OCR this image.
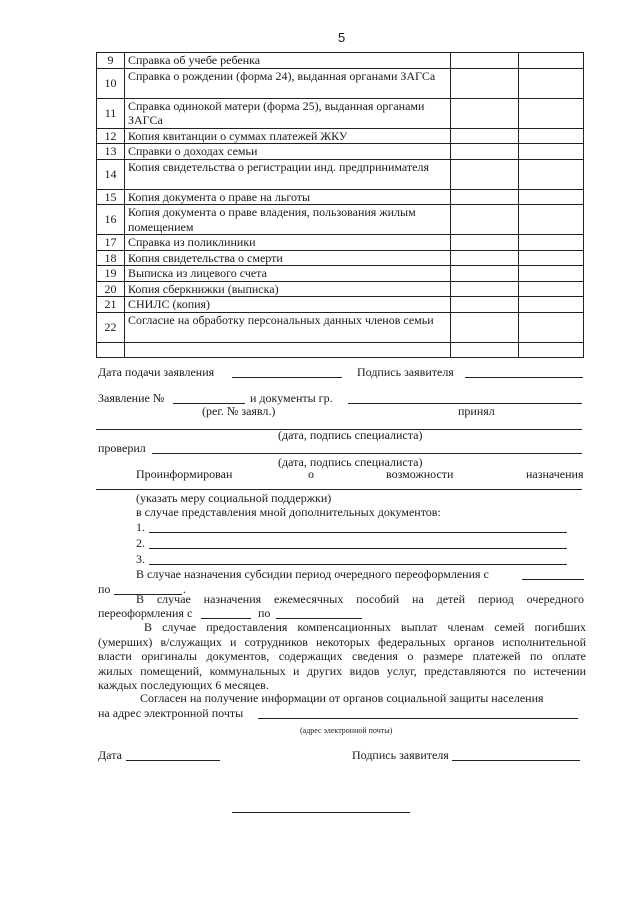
5
9	Справка об учебе ребенка		
10	Справка о рождении (форма 24), выданная органами ЗАГСа		
11	Справка одинокой матери (форма 25), выданная органами ЗАГСа		
12	Копия квитанции о суммах платежей ЖКУ		
13	Справки о доходах семьи		
14	Копия свидетельства о регистрации инд. предпринимателя		
15	Копия документа о праве на льготы		
16	Копия документа о праве владения, пользования жилым помещением		
17	Справка из поликлиники		
18	Копия свидетельства о смерти		
19	Выписка из лицевого счета		
20	Копия сберкнижки (выписка)		
21	СНИЛС (копия)		
22	Согласие на обработку персональных данных членов семьи		

Дата подачи заявления	Подпись заявителя
Заявление №	и документы гр.
(рег. № заявл.)	принял
(дата, подпись специалиста)
проверил
(дата, подпись специалиста)
Проинформирован	о	возможности	назначения
(указать меру социальной поддержки)
в случае представления мной дополнительных документов:
1.
2.
3.
В случае назначения субсидии период очередного переоформления с
по	.
В случае назначения ежемесячных пособий на детей период очередного
переоформления с	по
В случае предоставления компенсационных выплат членам семей погибших
(умерших) в/служащих и сотрудников некоторых федеральных органов исполнительной
власти оригиналы документов, содержащих сведения о размере платежей по оплате
жилых помещений, коммунальных и других видов услуг, представляются по истечении
каждых последующих 6 месяцев.
Согласен на получение информации от органов социальной защиты населения
на адрес электронной почты
(адрес электронной почты)
Дата	Подпись заявителя
